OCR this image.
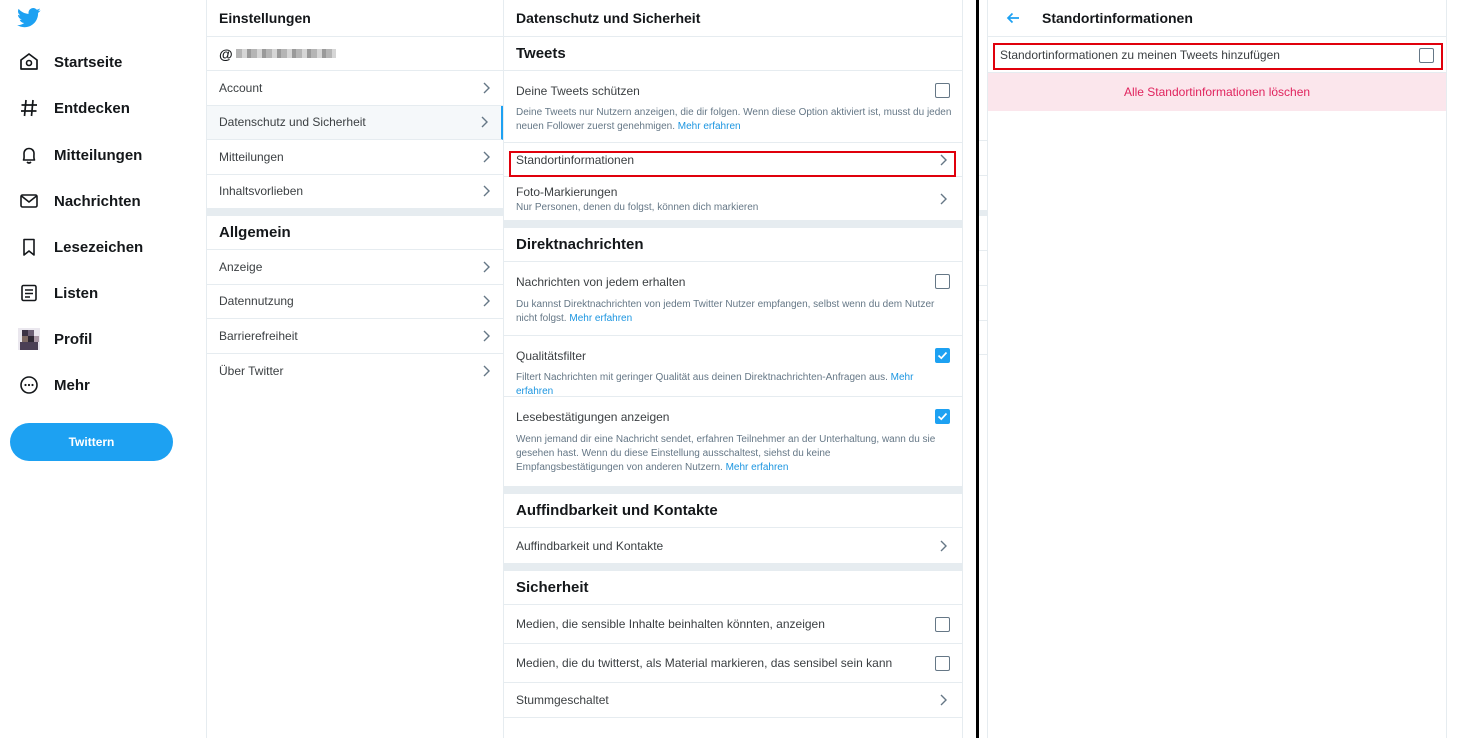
Startseite
Entdecken
Mitteilungen
Nachrichten
Lesezeichen
Listen
Profil
Mehr
Twittern
Einstellungen
@
Account
Datenschutz und Sicherheit
Mitteilungen
Inhaltsvorlieben
Allgemein
Anzeige
Datennutzung
Barrierefreiheit
Über Twitter
Datenschutz und Sicherheit
Tweets
Deine Tweets schützen
Deine Tweets nur Nutzern anzeigen, die dir folgen. Wenn diese Option aktiviert ist, musst du jeden neuen Follower zuerst genehmigen. Mehr erfahren
Standortinformationen
Foto-Markierungen
Nur Personen, denen du folgst, können dich markieren
Direktnachrichten
Nachrichten von jedem erhalten
Du kannst Direktnachrichten von jedem Twitter Nutzer empfangen, selbst wenn du dem Nutzer nicht folgst. Mehr erfahren
Qualitätsfilter
Filtert Nachrichten mit geringer Qualität aus deinen Direktnachrichten-Anfragen aus. Mehr erfahren
Lesebestätigungen anzeigen
Wenn jemand dir eine Nachricht sendet, erfahren Teilnehmer an der Unterhaltung, wann du sie gesehen hast. Wenn du diese Einstellung ausschaltest, siehst du keine Empfangsbestätigungen von anderen Nutzern. Mehr erfahren
Auffindbarkeit und Kontakte
Auffindbarkeit und Kontakte
Sicherheit
Medien, die sensible Inhalte beinhalten könnten, anzeigen
Medien, die du twitterst, als Material markieren, das sensibel sein kann
Stummgeschaltet
Standortinformationen
Standortinformationen zu meinen Tweets hinzufügen
Alle Standortinformationen löschen
